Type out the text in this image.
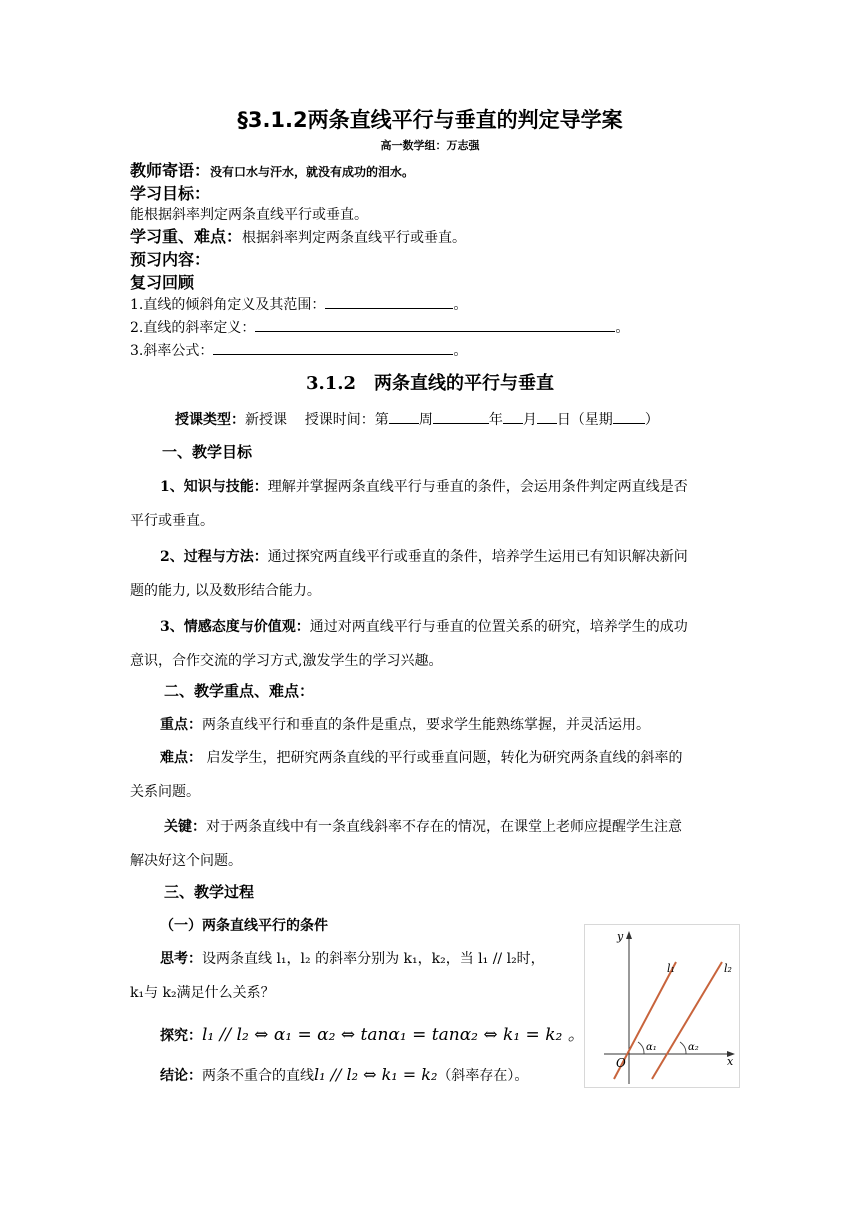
§3.1.2两条直线平行与垂直的判定导学案
高一数学组：万志强
教师寄语：没有口水与汗水，就没有成功的泪水。
学习目标：
能根据斜率判定两条直线平行或垂直。
学习重、难点：根据斜率判定两条直线平行或垂直。
预习内容：
复习回顾
1.直线的倾斜角定义及其范围：	。
2.直线的斜率定义：	。
3.斜率公式：	。
3.1.2　两条直线的平行与垂直
授课类型：新授课 授课时间：第 周	年 月 日（星期 ）
一、教学目标
1、知识与技能：理解并掌握两条直线平行与垂直的条件，会运用条件判定两直线是否
平行或垂直。
2、过程与方法：通过探究两直线平行或垂直的条件，培养学生运用已有知识解决新问
题的能力, 以及数形结合能力。
3、情感态度与价值观：通过对两直线平行与垂直的位置关系的研究，培养学生的成功
意识，合作交流的学习方式,激发学生的学习兴趣。
二、教学重点、难点：
重点：两条直线平行和垂直的条件是重点，要求学生能熟练掌握，并灵活运用。
难点： 启发学生，把研究两条直线的平行或垂直问题，转化为研究两条直线的斜率的
关系问题。
关键：对于两条直线中有一条直线斜率不存在的情况，在课堂上老师应提醒学生注意
解决好这个问题。
三、教学过程
（一）两条直线平行的条件
思考：设两条直线 l₁，l₂ 的斜率分别为 k₁，k₂，当 l₁ // l₂时，
k₁与 k₂满足什么关系？
探究：l₁ // l₂ ⇔ α₁ = α₂ ⇔ tanα₁ = tanα₂ ⇔ k₁ = k₂ 。
结论：两条不重合的直线l₁ // l₂ ⇔ k₁ = k₂（斜率存在）。
y
x
O
l₁	l₂
α₁	α₂
